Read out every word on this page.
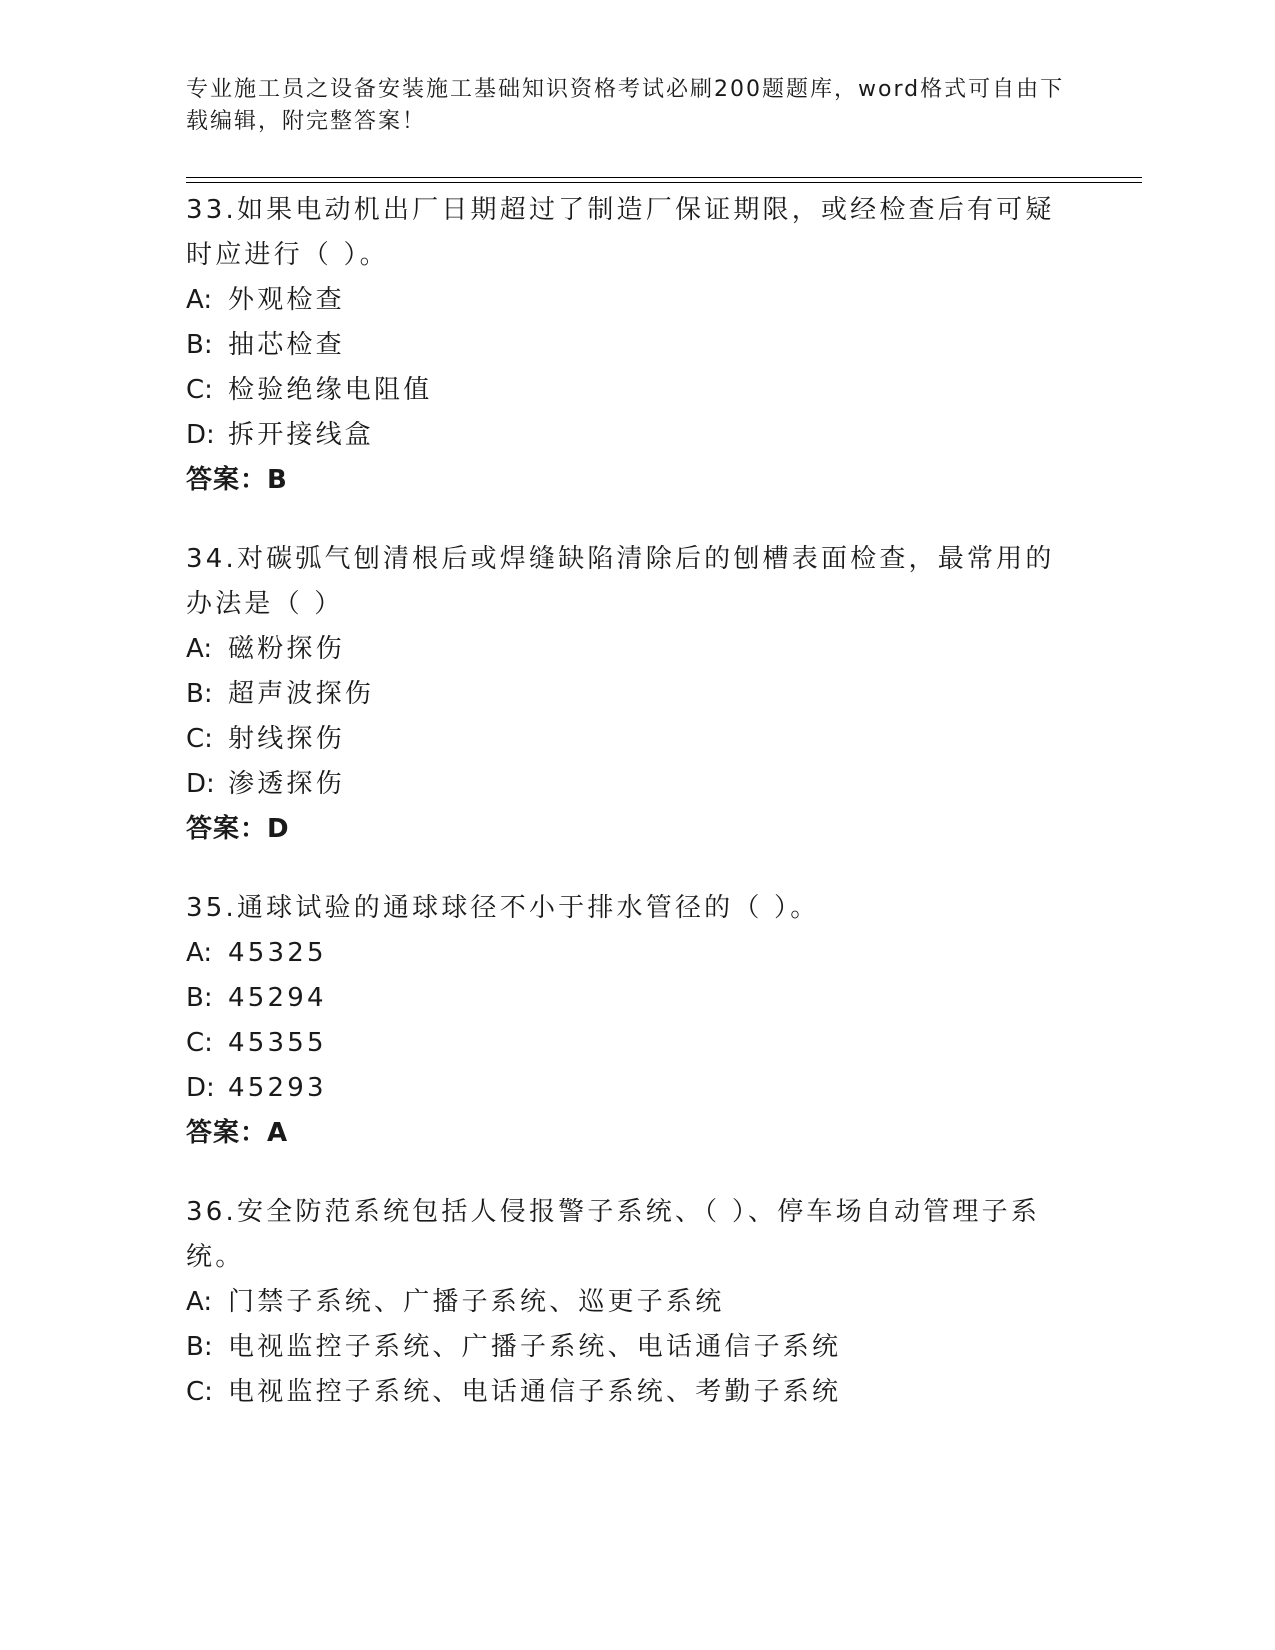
专业施工员之设备安装施工基础知识资格考试必刷200题题库，word格式可自由下载编辑，附完整答案！

33.如果电动机出厂日期超过了制造厂保证期限，或经检查后有可疑时应进行（ ）。

A: 外观检查

B: 抽芯检查

C: 检验绝缘电阻值

D: 拆开接线盒

答案：B

34.对碳弧气刨清根后或焊缝缺陷清除后的刨槽表面检查，最常用的办法是（ ）

A: 磁粉探伤

B: 超声波探伤

C: 射线探伤

D: 渗透探伤

答案：D

35.通球试验的通球球径不小于排水管径的（ ）。

A: 45325

B: 45294

C: 45355

D: 45293

答案：A

36.安全防范系统包括人侵报警子系统、（ ）、停车场自动管理子系统。

A: 门禁子系统、广播子系统、巡更子系统

B: 电视监控子系统、广播子系统、电话通信子系统

C: 电视监控子系统、电话通信子系统、考勤子系统
